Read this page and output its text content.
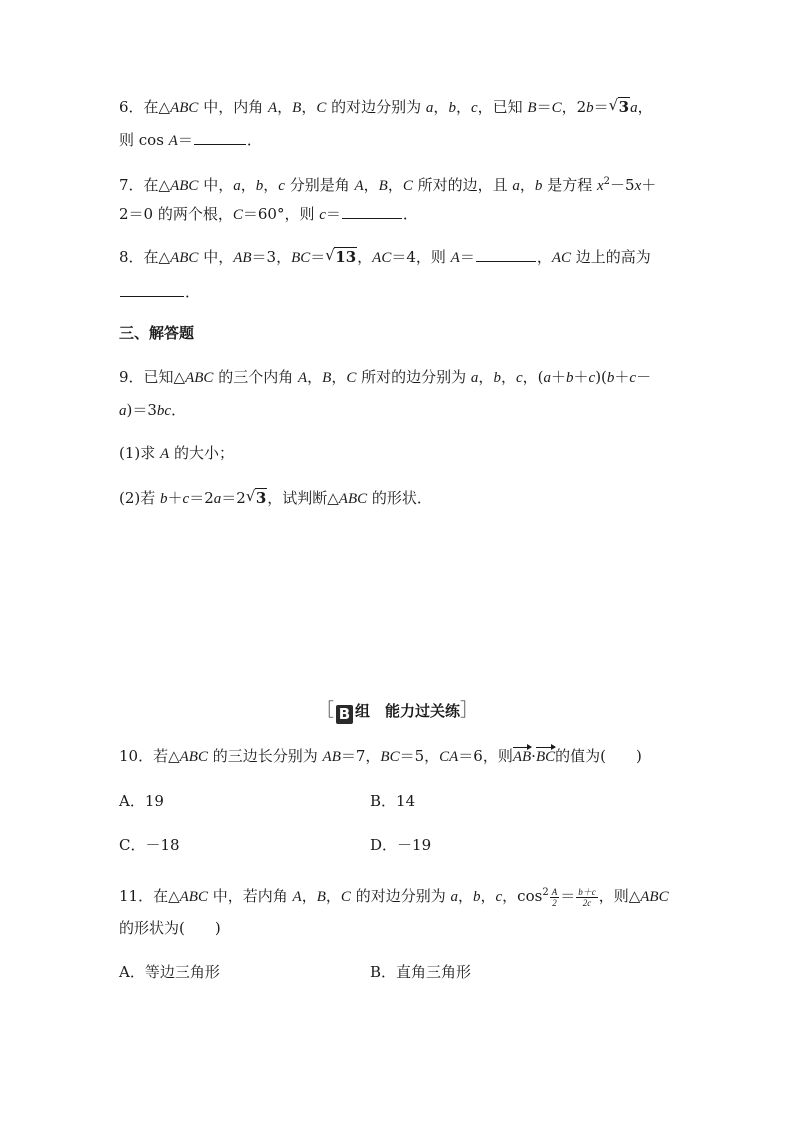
6．在△ABC 中，内角 A，B，C 的对边分别为 a，b，c，已知 B＝C，2b＝ √ 3a，
则 cos A＝	．
7．在△ABC 中，a，b，c 分别是角 A，B，C 所对的边，且 a，b 是方程 $x^2-5x+$
2＝0 的两个根，C＝60°，则 c＝	．
8．在△ABC 中，AB＝3，BC＝ √ 13，AC＝4，则 A＝	，AC 边上的高为
．
三、解答题
9．已知△ABC 的三个内角 A，B，C 所对的边分别为 a，b，c，(a＋b＋c)(b＋c－
a)＝3bc．
(1)求 A 的大小；
(2)若 b＋c＝2a＝2 √ 3，试判断△ABC 的形状．
［ B 组　能力过关练］
10．若△ABC 的三边长分别为 AB＝7，BC＝5，CA＝6，则AB·BC的值为(　　)
A．19	B．14
C．－18	D．－19
11．在△ABC 中，若内角 A，B，C 的对边分别为 a，b，c，$\cos^2 \frac{A}{2} = \frac{b+c}{2c}$ ，则△ABC
的形状为(　　)
A．等边三角形	B．直角三角形
